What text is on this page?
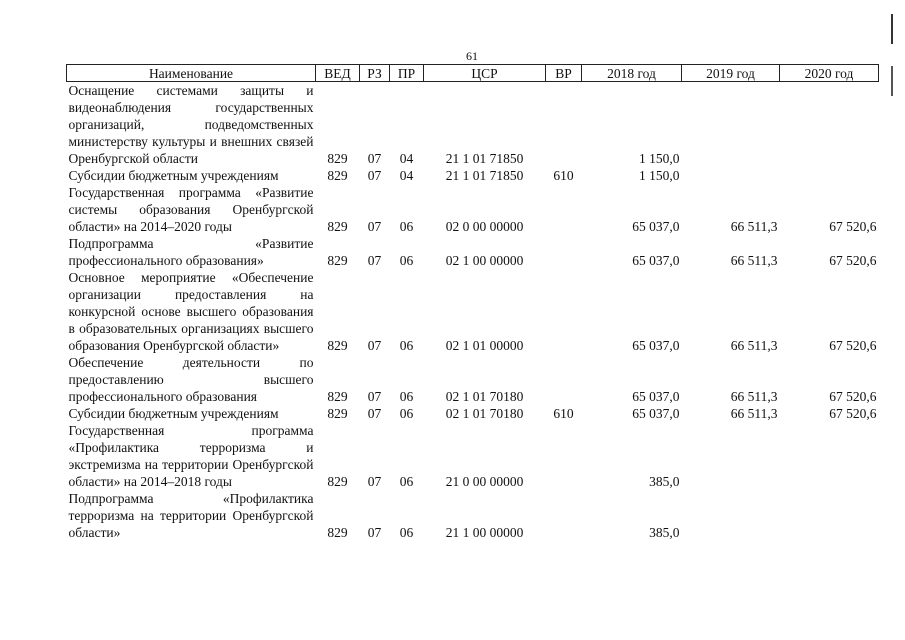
61
Наименование	ВЕД	РЗ	ПР	ЦСР	ВР	2018 год	2019 год	2020 год
Оснащение системами защиты и видеонаблюдения государственных организаций, подведомственных министерству культуры и внешних связей Оренбургской области	829	07	04	21 1 01 71850		1 150,0		
Субсидии бюджетным учреждениям	829	07	04	21 1 01 71850	610	1 150,0		
Государственная программа «Развитие системы образования Оренбургской области» на 2014–2020 годы	829	07	06	02 0 00 00000		65 037,0	66 511,3	67 520,6
Подпрограмма «Развитие профессионального образования»	829	07	06	02 1 00 00000		65 037,0	66 511,3	67 520,6
Основное мероприятие «Обеспечение организации предоставления на конкурсной основе высшего образования в образовательных организациях высшего образования Оренбургской области»	829	07	06	02 1 01 00000		65 037,0	66 511,3	67 520,6
Обеспечение деятельности по предоставлению высшего профессионального образования	829	07	06	02 1 01 70180		65 037,0	66 511,3	67 520,6
Субсидии бюджетным учреждениям	829	07	06	02 1 01 70180	610	65 037,0	66 511,3	67 520,6
Государственная программа «Профилактика терроризма и экстремизма на территории Оренбургской области» на 2014–2018 годы	829	07	06	21 0 00 00000		385,0		
Подпрограмма «Профилактика терроризма на территории Оренбургской области»	829	07	06	21 1 00 00000		385,0		
